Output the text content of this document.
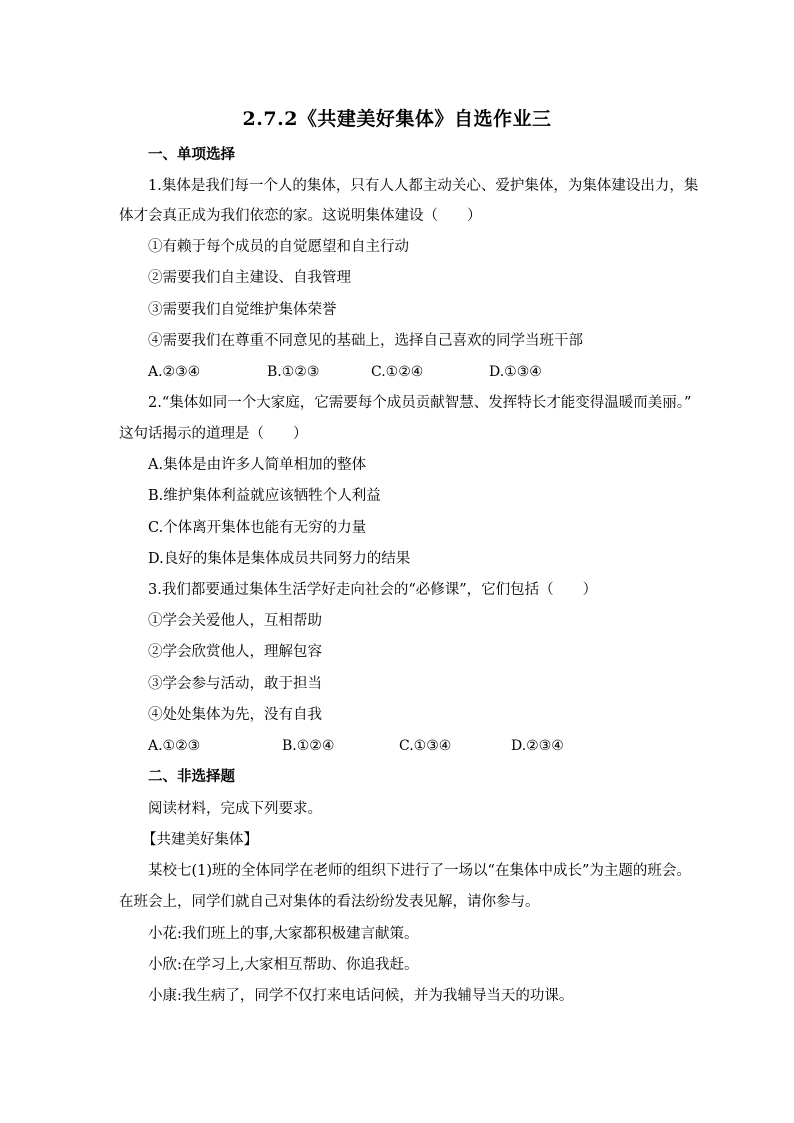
2.7.2《共建美好集体》自选作业三
一、单项选择
1.集体是我们每一个人的集体，只有人人都主动关心、爱护集体，为集体建设出力，集
体才会真正成为我们依恋的家。这说明集体建设（　　）
①有赖于每个成员的自觉愿望和自主行动
②需要我们自主建设、自我管理
③需要我们自觉维护集体荣誉
④需要我们在尊重不同意见的基础上，选择自己喜欢的同学当班干部
A.②③④	B.①②③	C.①②④	D.①③④
2.“集体如同一个大家庭，它需要每个成员贡献智慧、发挥特长才能变得温暖而美丽。”
这句话揭示的道理是（　　）
A.集体是由许多人简单相加的整体
B.维护集体利益就应该牺牲个人利益
C.个体离开集体也能有无穷的力量
D.良好的集体是集体成员共同努力的结果
3.我们都要通过集体生活学好走向社会的“必修课”，它们包括（　　）
①学会关爱他人，互相帮助
②学会欣赏他人，理解包容
③学会参与活动，敢于担当
④处处集体为先，没有自我
A.①②③	B.①②④	C.①③④	D.②③④
二、非选择题
阅读材料，完成下列要求。
【共建美好集体】
某校七(1)班的全体同学在老师的组织下进行了一场以“在集体中成长”为主题的班会。
在班会上，同学们就自己对集体的看法纷纷发表见解，请你参与。
小花:我们班上的事,大家都积极建言献策。
小欣:在学习上,大家相互帮助、你追我赶。
小康:我生病了，同学不仅打来电话问候，并为我辅导当天的功课。
